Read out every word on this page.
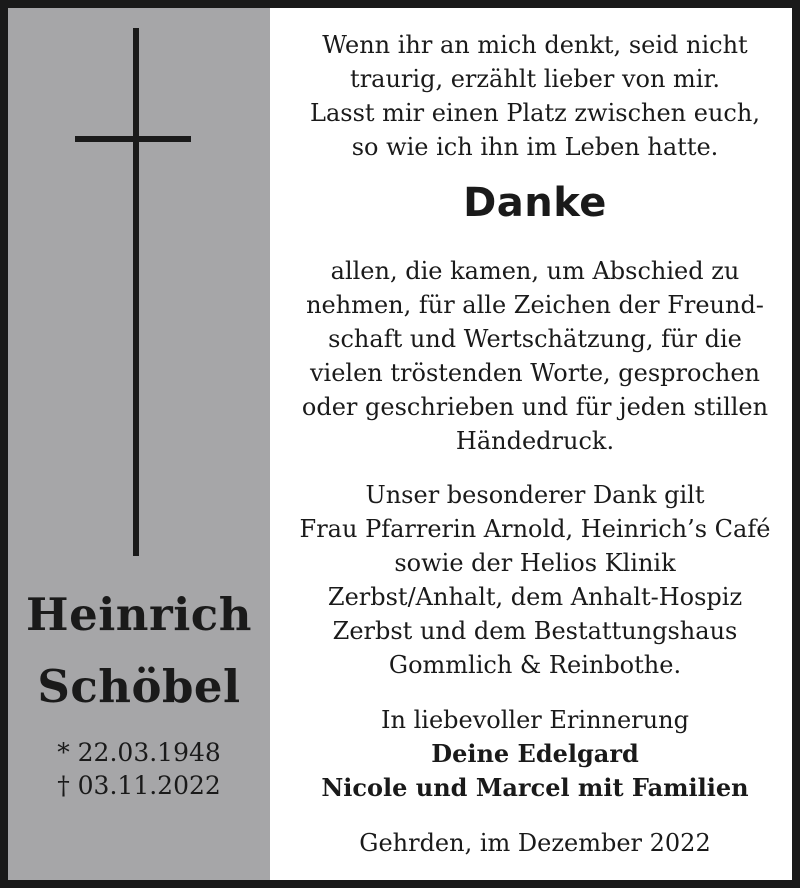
Heinrich
Schöbel
* 22.03.1948
† 03.11.2022
Wenn ihr an mich denkt, seid nicht
traurig, erzählt lieber von mir.
Lasst mir einen Platz zwischen euch,
so wie ich ihn im Leben hatte.
Danke
allen, die kamen, um Abschied zu
nehmen, für alle Zeichen der Freund-
schaft und Wertschätzung, für die
vielen tröstenden Worte, gesprochen
oder geschrieben und für jeden stillen
Händedruck.
Unser besonderer Dank gilt
Frau Pfarrerin Arnold, Heinrich’s Café
sowie der Helios Klinik
Zerbst/Anhalt, dem Anhalt-Hospiz
Zerbst und dem Bestattungshaus
Gommlich & Reinbothe.
In liebevoller Erinnerung
Deine Edelgard
Nicole und Marcel mit Familien
Gehrden, im Dezember 2022
